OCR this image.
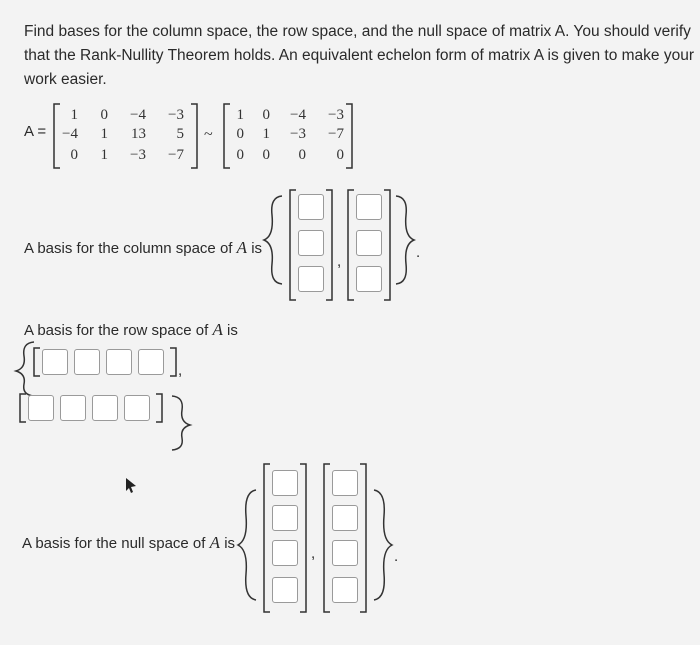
Find bases for the column space, the row space, and the null space of matrix A. You should verify that the Rank-Nullity Theorem holds. An equivalent echelon form of matrix A is given to make your work easier.
A =
1	0	−4	−3
−4	1	13	5
0	1	−3	−7
~
1	0	−4	−3
0	1	−3	−7
0	0	0	0
A basis for the column space of A is
,
.
A basis for the row space of A is
,
A basis for the null space of A is
,	.
